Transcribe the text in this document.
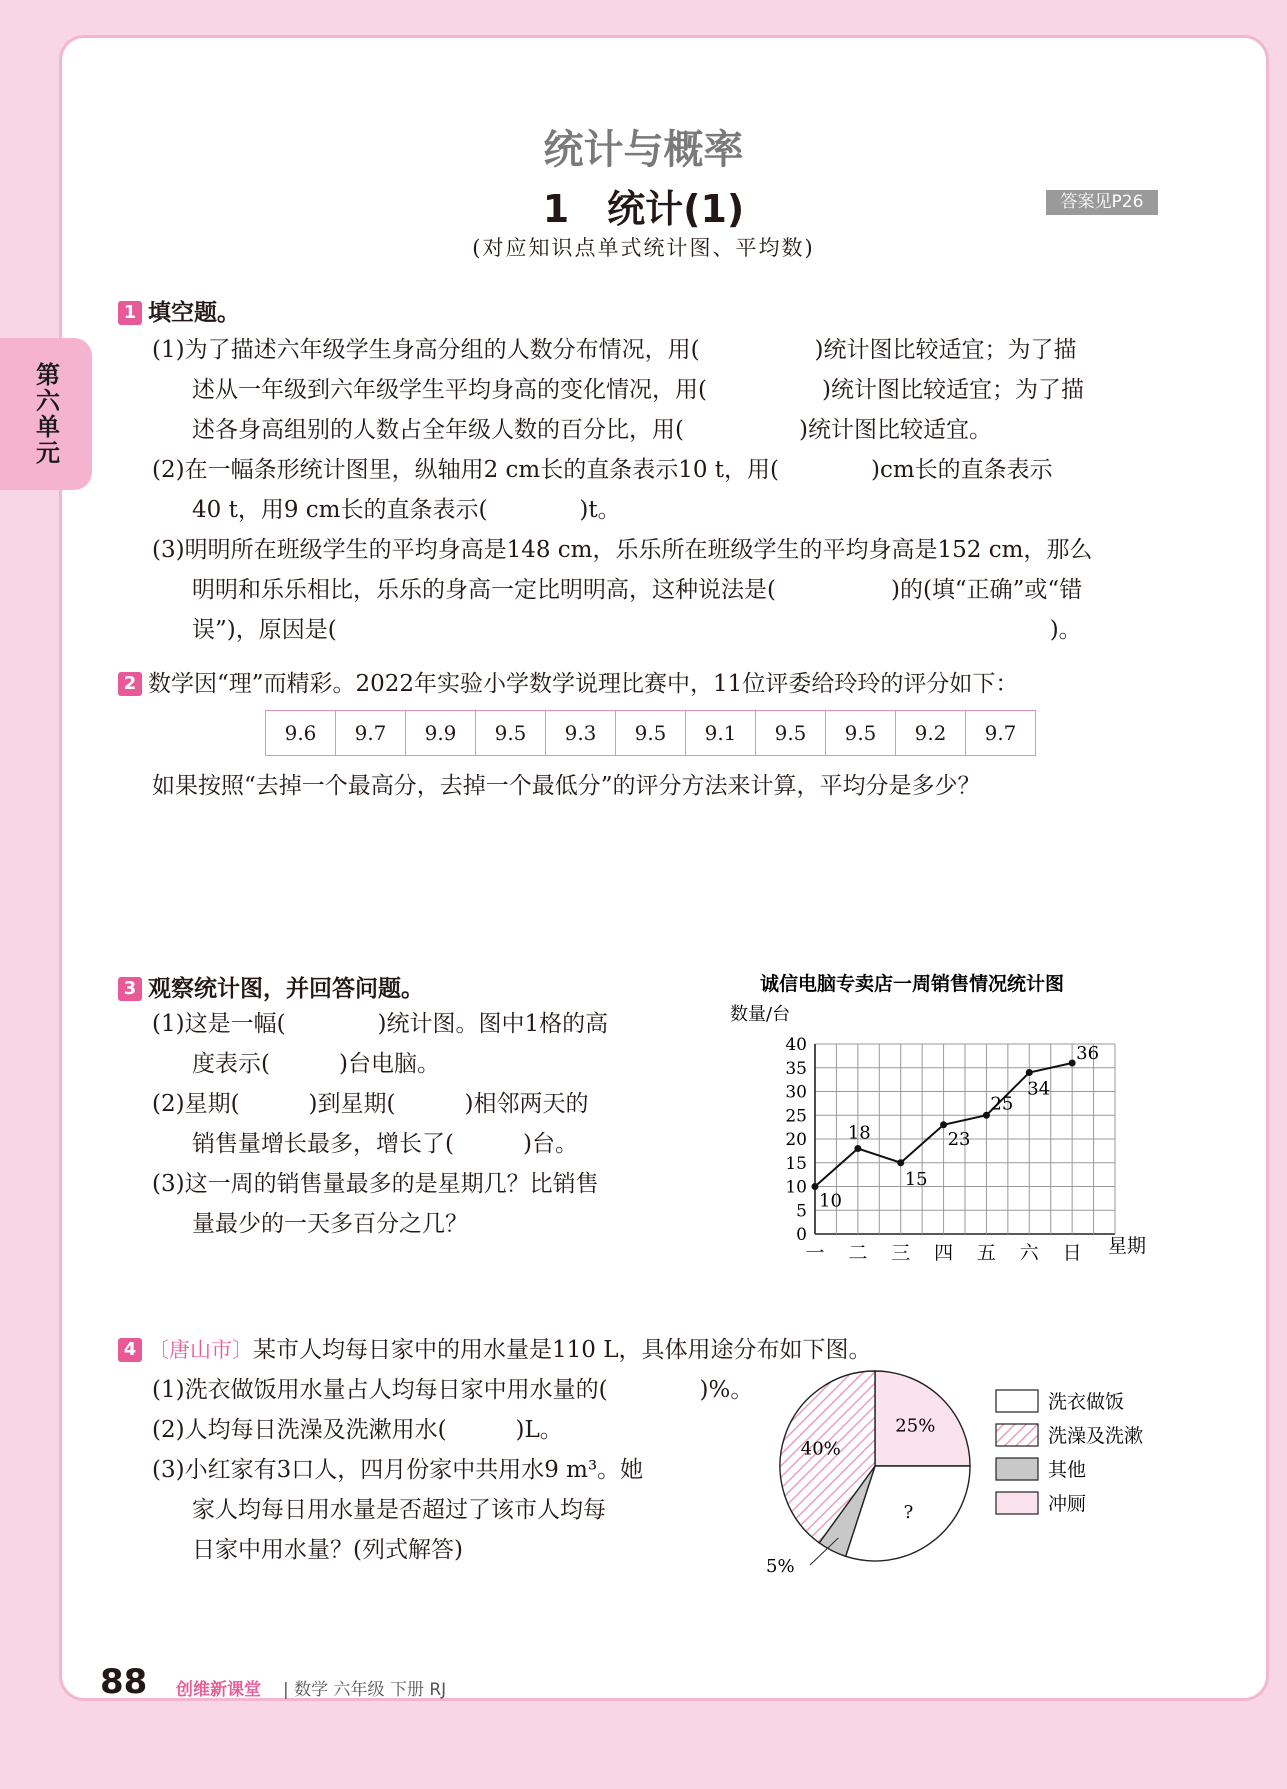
第六单元
统计与概率
1　统计(1)	答案见P26
(对应知识点单式统计图、平均数)
1 填空题。
(1)为了描述六年级学生身高分组的人数分布情况，用(　　　　　)统计图比较适宜；为了描
述从一年级到六年级学生平均身高的变化情况，用(　　　　　)统计图比较适宜；为了描
述各身高组别的人数占全年级人数的百分比，用(　　　　　)统计图比较适宜。
(2)在一幅条形统计图里，纵轴用2 cm长的直条表示10 t，用(　　　　)cm长的直条表示
40 t，用9 cm长的直条表示(　　　　)t。
(3)明明所在班级学生的平均身高是148 cm，乐乐所在班级学生的平均身高是152 cm，那么
明明和乐乐相比，乐乐的身高一定比明明高，这种说法是(　　　　　)的(填“正确”或“错
误”)，原因是(　　　　　　　　　　　　　　　　　　　　　　　　　　　　　　　)。
2 数学因“理”而精彩。2022年实验小学数学说理比赛中，11位评委给玲玲的评分如下：
9.6	9.7	9.9	9.5	9.3	9.5	9.1	9.5	9.5	9.2	9.7
如果按照“去掉一个最高分，去掉一个最低分”的评分方法来计算，平均分是多少？
3 观察统计图，并回答问题。
(1)这是一幅(　　　　)统计图。图中1格的高
度表示(　　　)台电脑。
(2)星期(　　　)到星期(　　　)相邻两天的
销售量增长最多，增长了(　　　)台。
(3)这一周的销售量最多的是星期几？比销售
量最少的一天多百分之几？
诚信电脑专卖店一周销售情况统计图
数量/台
星期
0
5
10
15
20
25
30
35
40
一 二 三 四 五 六 日
10
18
15
23
25
34
36
4 〔唐山市〕某市人均每日家中的用水量是110 L，具体用途分布如下图。
(1)洗衣做饭用水量占人均每日家中用水量的(　　　　)%。
(2)人均每日洗澡及洗漱用水(　　　)L。
(3)小红家有3口人，四月份家中共用水9 m³。她
家人均每日用水量是否超过了该市人均每
日家中用水量？(列式解答)
25%
?
5%
40%
洗衣做饭
洗澡及洗漱
其他
冲厕
88 创维新课堂 | 数学 六年级 下册 RJ
